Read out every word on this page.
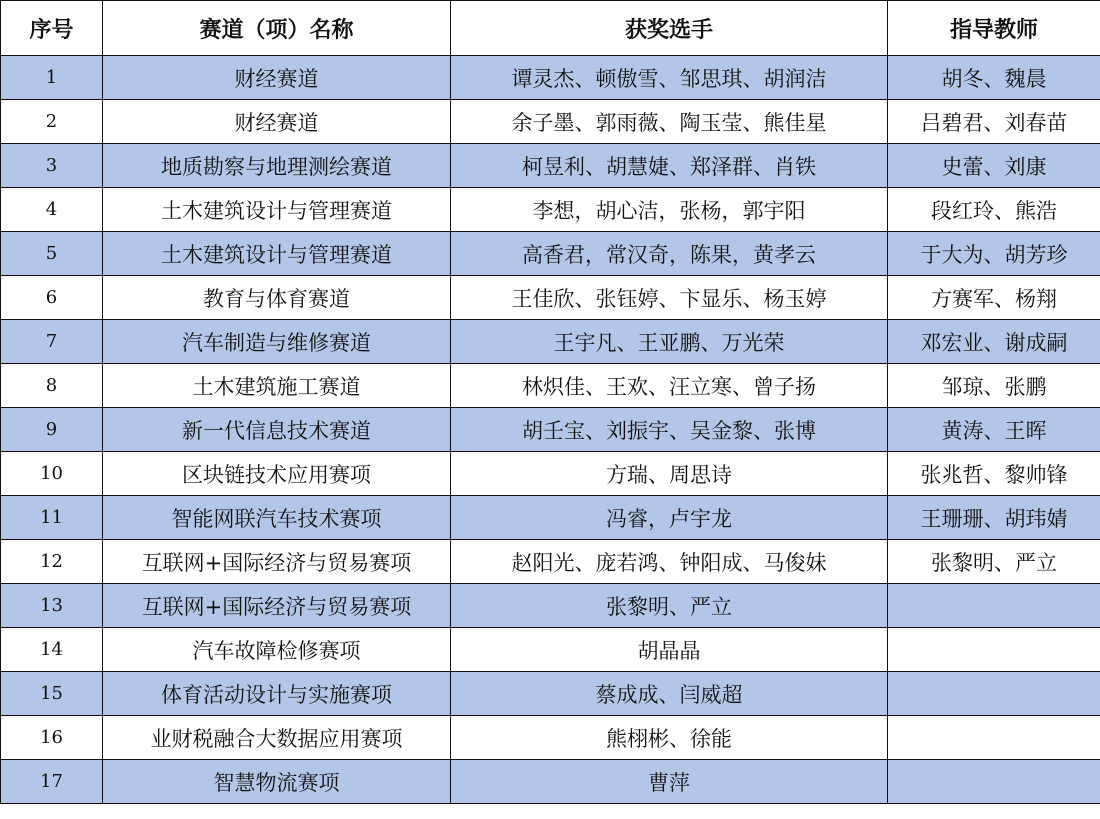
序号	赛道（项）名称	获奖选手	指导教师
1	财经赛道	谭灵杰、顿傲雪、邹思琪、胡润洁	胡冬、魏晨
2	财经赛道	余子墨、郭雨薇、陶玉莹、熊佳星	吕碧君、刘春苗
3	地质勘察与地理测绘赛道	柯昱利、胡慧婕、郑泽群、肖铁	史蕾、刘康
4	土木建筑设计与管理赛道	李想，胡心洁，张杨，郭宇阳	段红玲、熊浩
5	土木建筑设计与管理赛道	高香君，常汉奇，陈果，黄孝云	于大为、胡芳珍
6	教育与体育赛道	王佳欣、张钰婷、卞显乐、杨玉婷	方赛军、杨翔
7	汽车制造与维修赛道	王宇凡、王亚鹏、万光荣	邓宏业、谢成嗣
8	土木建筑施工赛道	林炽佳、王欢、汪立寒、曾子扬	邹琼、张鹏
9	新一代信息技术赛道	胡壬宝、刘振宇、吴金黎、张博	黄涛、王晖
10	区块链技术应用赛项	方瑞、周思诗	张兆哲、黎帅锋
11	智能网联汽车技术赛项	冯睿，卢宇龙	王珊珊、胡玮婧
12	互联网+国际经济与贸易赛项	赵阳光、庞若鸿、钟阳成、马俊妹	张黎明、严立
13	互联网+国际经济与贸易赛项	张黎明、严立	
14	汽车故障检修赛项	胡晶晶	
15	体育活动设计与实施赛项	蔡成成、闫威超	
16	业财税融合大数据应用赛项	熊栩彬、徐能	
17	智慧物流赛项	曹萍	
